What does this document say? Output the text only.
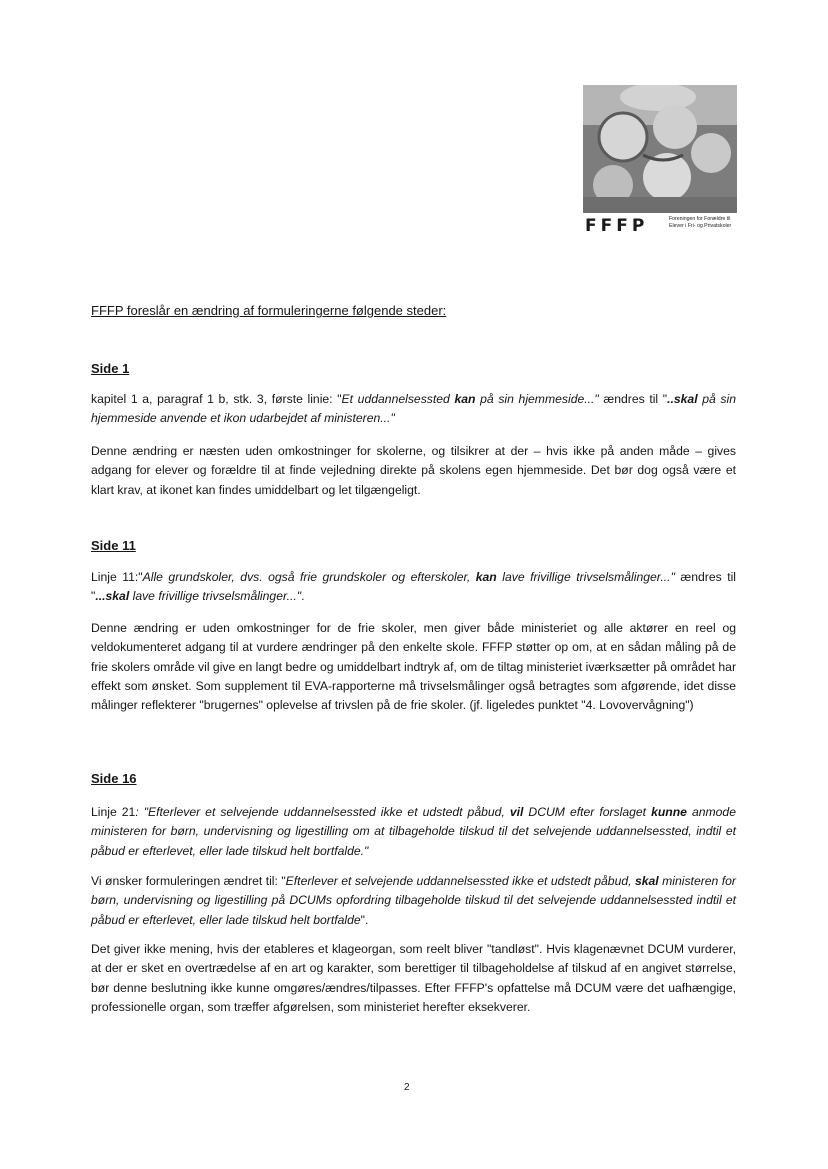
FFFP	Foreningen for Forældre til
Elever i Fri- og Privatskoler
FFFP foreslår en ændring af formuleringerne følgende steder:
Side 1

kapitel 1 a, paragraf 1 b, stk. 3, første linie: "Et uddannelsessted kan på sin hjemmeside..." ændres til "..skal på sin hjemmeside anvende et ikon udarbejdet af ministeren..."

Denne ændring er næsten uden omkostninger for skolerne, og tilsikrer at der – hvis ikke på anden måde – gives adgang for elever og forældre til at finde vejledning direkte på skolens egen hjemmeside. Det bør dog også være et klart krav, at ikonet kan findes umiddelbart og let tilgængeligt.

Side 11

Linje 11:"Alle grundskoler, dvs. også frie grundskoler og efterskoler, kan lave frivillige trivselsmålinger..." ændres til "...skal lave frivillige trivselsmålinger...".

Denne ændring er uden omkostninger for de frie skoler, men giver både ministeriet og alle aktører en reel og veldokumenteret adgang til at vurdere ændringer på den enkelte skole. FFFP støtter op om, at en sådan måling på de frie skolers område vil give en langt bedre og umiddelbart indtryk af, om de tiltag ministeriet iværksætter på området har effekt som ønsket. Som supplement til EVA-rapporterne må trivselsmålinger også betragtes som afgørende, idet disse målinger reflekterer "brugernes" oplevelse af trivslen på de frie skoler. (jf. ligeledes punktet "4. Lovovervågning")

Side 16

Linje 21: "Efterlever et selvejende uddannelsessted ikke et udstedt påbud, vil DCUM efter forslaget kunne anmode ministeren for børn, undervisning og ligestilling om at tilbageholde tilskud til det selvejende uddannelsessted, indtil et påbud er efterlevet, eller lade tilskud helt bortfalde."

Vi ønsker formuleringen ændret til: "Efterlever et selvejende uddannelsessted ikke et udstedt påbud, skal ministeren for børn, undervisning og ligestilling på DCUMs opfordring tilbageholde tilskud til det selvejende uddannelsessted indtil et påbud er efterlevet, eller lade tilskud helt bortfalde".

Det giver ikke mening, hvis der etableres et klageorgan, som reelt bliver "tandløst". Hvis klagenævnet DCUM vurderer, at der er sket en overtrædelse af en art og karakter, som berettiger til tilbageholdelse af tilskud af en angivet størrelse, bør denne beslutning ikke kunne omgøres/ændres/tilpasses. Efter FFFP's opfattelse må DCUM være det uafhængige, professionelle organ, som træffer afgørelsen, som ministeriet herefter eksekverer.

2
